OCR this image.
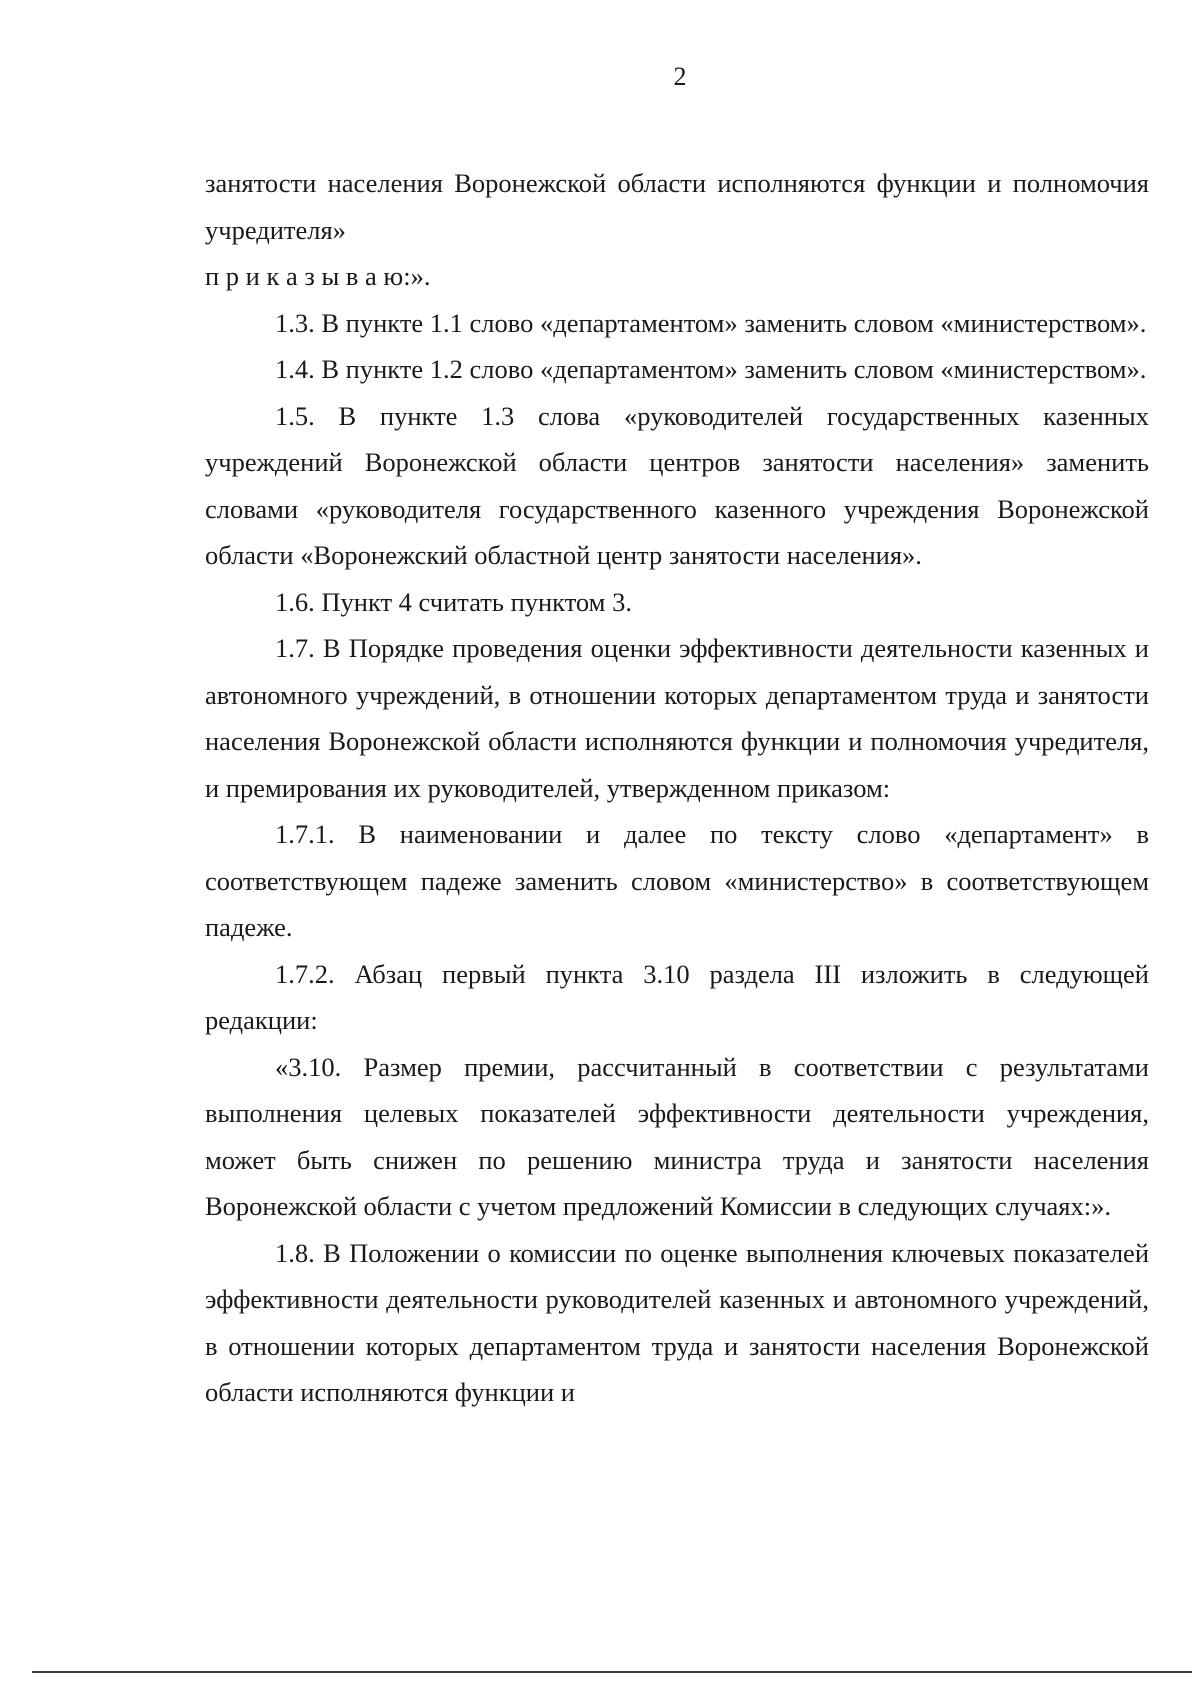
2

занятости населения Воронежской области исполняются функции и полномочия учредителя»

п р и к а з ы в а ю:».

1.3. В пункте 1.1 слово «департаментом» заменить словом «министерством».

1.4. В пункте 1.2 слово «департаментом» заменить словом «министерством».

1.5. В пункте 1.3 слова «руководителей государственных казенных учреждений Воронежской области центров занятости населения» заменить словами «руководителя государственного казенного учреждения Воронежской области «Воронежский областной центр занятости населения».

1.6. Пункт 4 считать пунктом 3.

1.7. В Порядке проведения оценки эффективности деятельности казенных и автономного учреждений, в отношении которых департаментом труда и занятости населения Воронежской области исполняются функции и полномочия учредителя, и премирования их руководителей, утвержденном приказом:

1.7.1. В наименовании и далее по тексту слово «департамент» в соответствующем падеже заменить словом «министерство» в соответствующем падеже.

1.7.2. Абзац первый пункта 3.10 раздела III изложить в следующей редакции:

«3.10. Размер премии, рассчитанный в соответствии с результатами выполнения целевых показателей эффективности деятельности учреждения, может быть снижен по решению министра труда и занятости населения Воронежской области с учетом предложений Комиссии в следующих случаях:».

1.8. В Положении о комиссии по оценке выполнения ключевых показателей эффективности деятельности руководителей казенных и автономного учреждений, в отношении которых департаментом труда и занятости населения Воронежской области исполняются функции и
